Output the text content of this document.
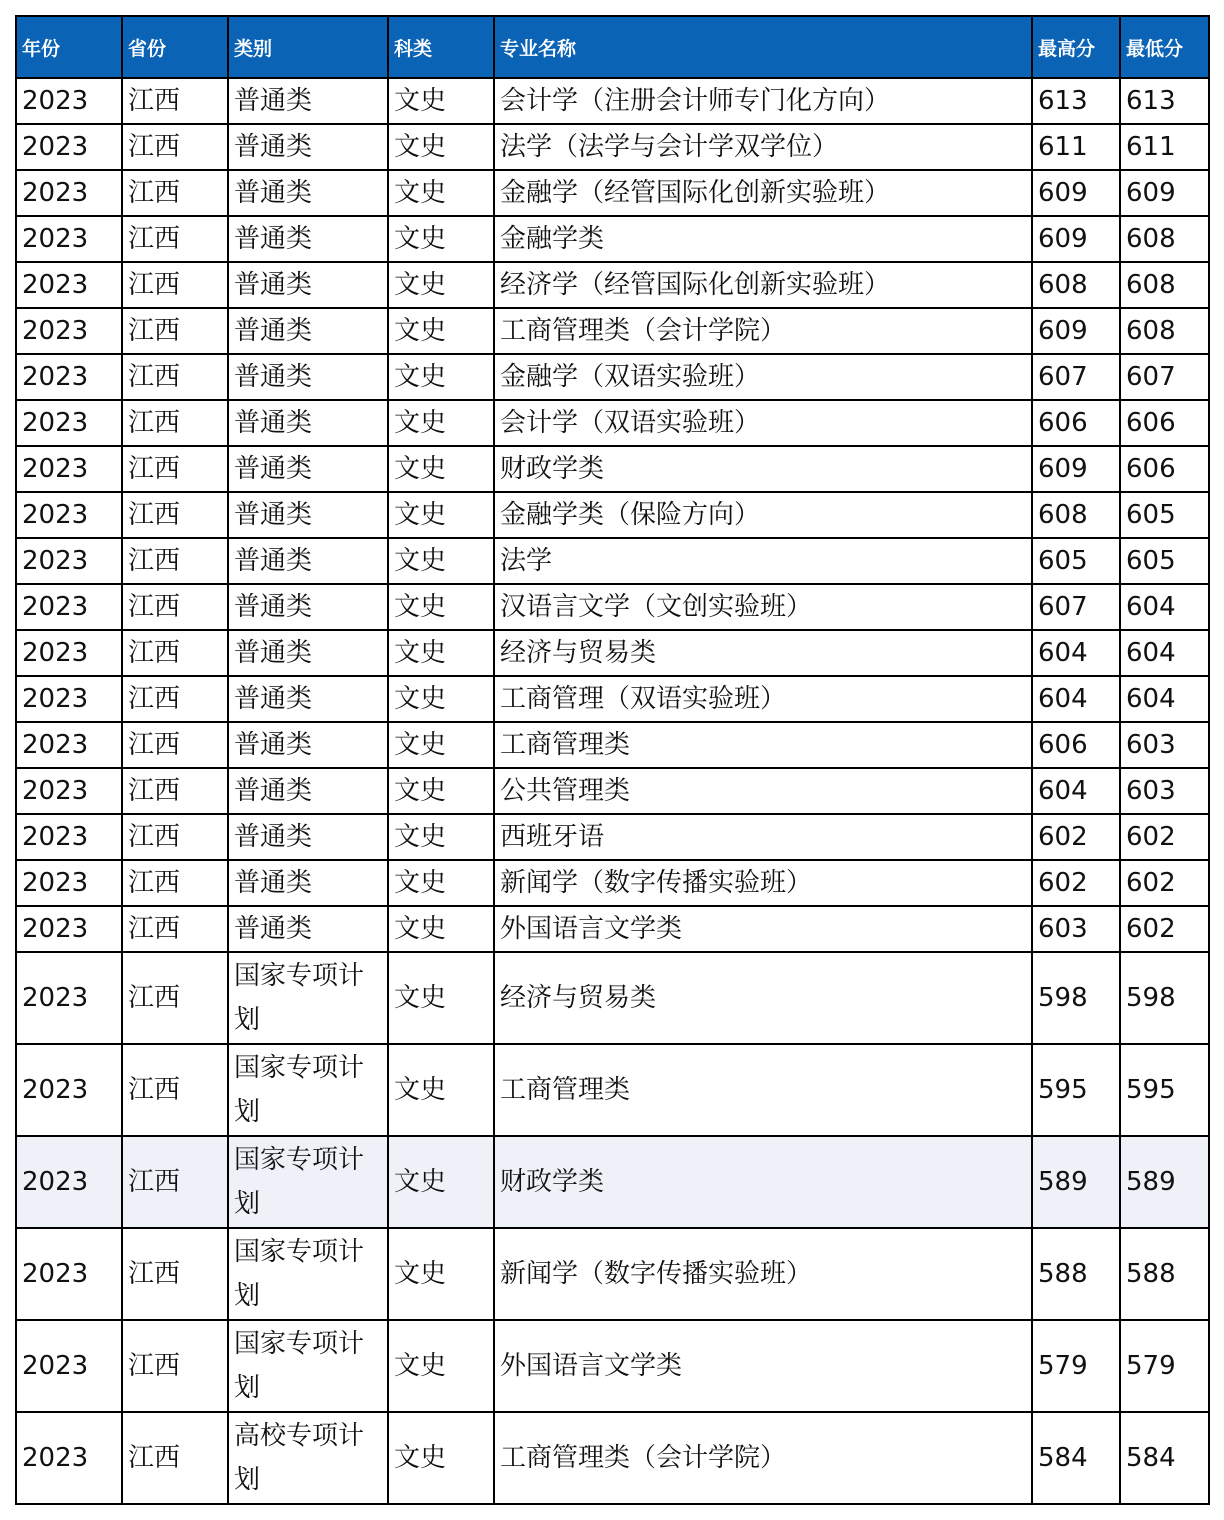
年份	省份	类别	科类	专业名称	最高分	最低分
2023	江西	普通类	文史	会计学（注册会计师专门化方向）	613	613
2023	江西	普通类	文史	法学（法学与会计学双学位）	611	611
2023	江西	普通类	文史	金融学（经管国际化创新实验班）	609	609
2023	江西	普通类	文史	金融学类	609	608
2023	江西	普通类	文史	经济学（经管国际化创新实验班）	608	608
2023	江西	普通类	文史	工商管理类（会计学院）	609	608
2023	江西	普通类	文史	金融学（双语实验班）	607	607
2023	江西	普通类	文史	会计学（双语实验班）	606	606
2023	江西	普通类	文史	财政学类	609	606
2023	江西	普通类	文史	金融学类（保险方向）	608	605
2023	江西	普通类	文史	法学	605	605
2023	江西	普通类	文史	汉语言文学（文创实验班）	607	604
2023	江西	普通类	文史	经济与贸易类	604	604
2023	江西	普通类	文史	工商管理（双语实验班）	604	604
2023	江西	普通类	文史	工商管理类	606	603
2023	江西	普通类	文史	公共管理类	604	603
2023	江西	普通类	文史	西班牙语	602	602
2023	江西	普通类	文史	新闻学（数字传播实验班）	602	602
2023	江西	普通类	文史	外国语言文学类	603	602
2023	江西	国家专项计划	文史	经济与贸易类	598	598
2023	江西	国家专项计划	文史	工商管理类	595	595
2023	江西	国家专项计划	文史	财政学类	589	589
2023	江西	国家专项计划	文史	新闻学（数字传播实验班）	588	588
2023	江西	国家专项计划	文史	外国语言文学类	579	579
2023	江西	高校专项计划	文史	工商管理类（会计学院）	584	584
